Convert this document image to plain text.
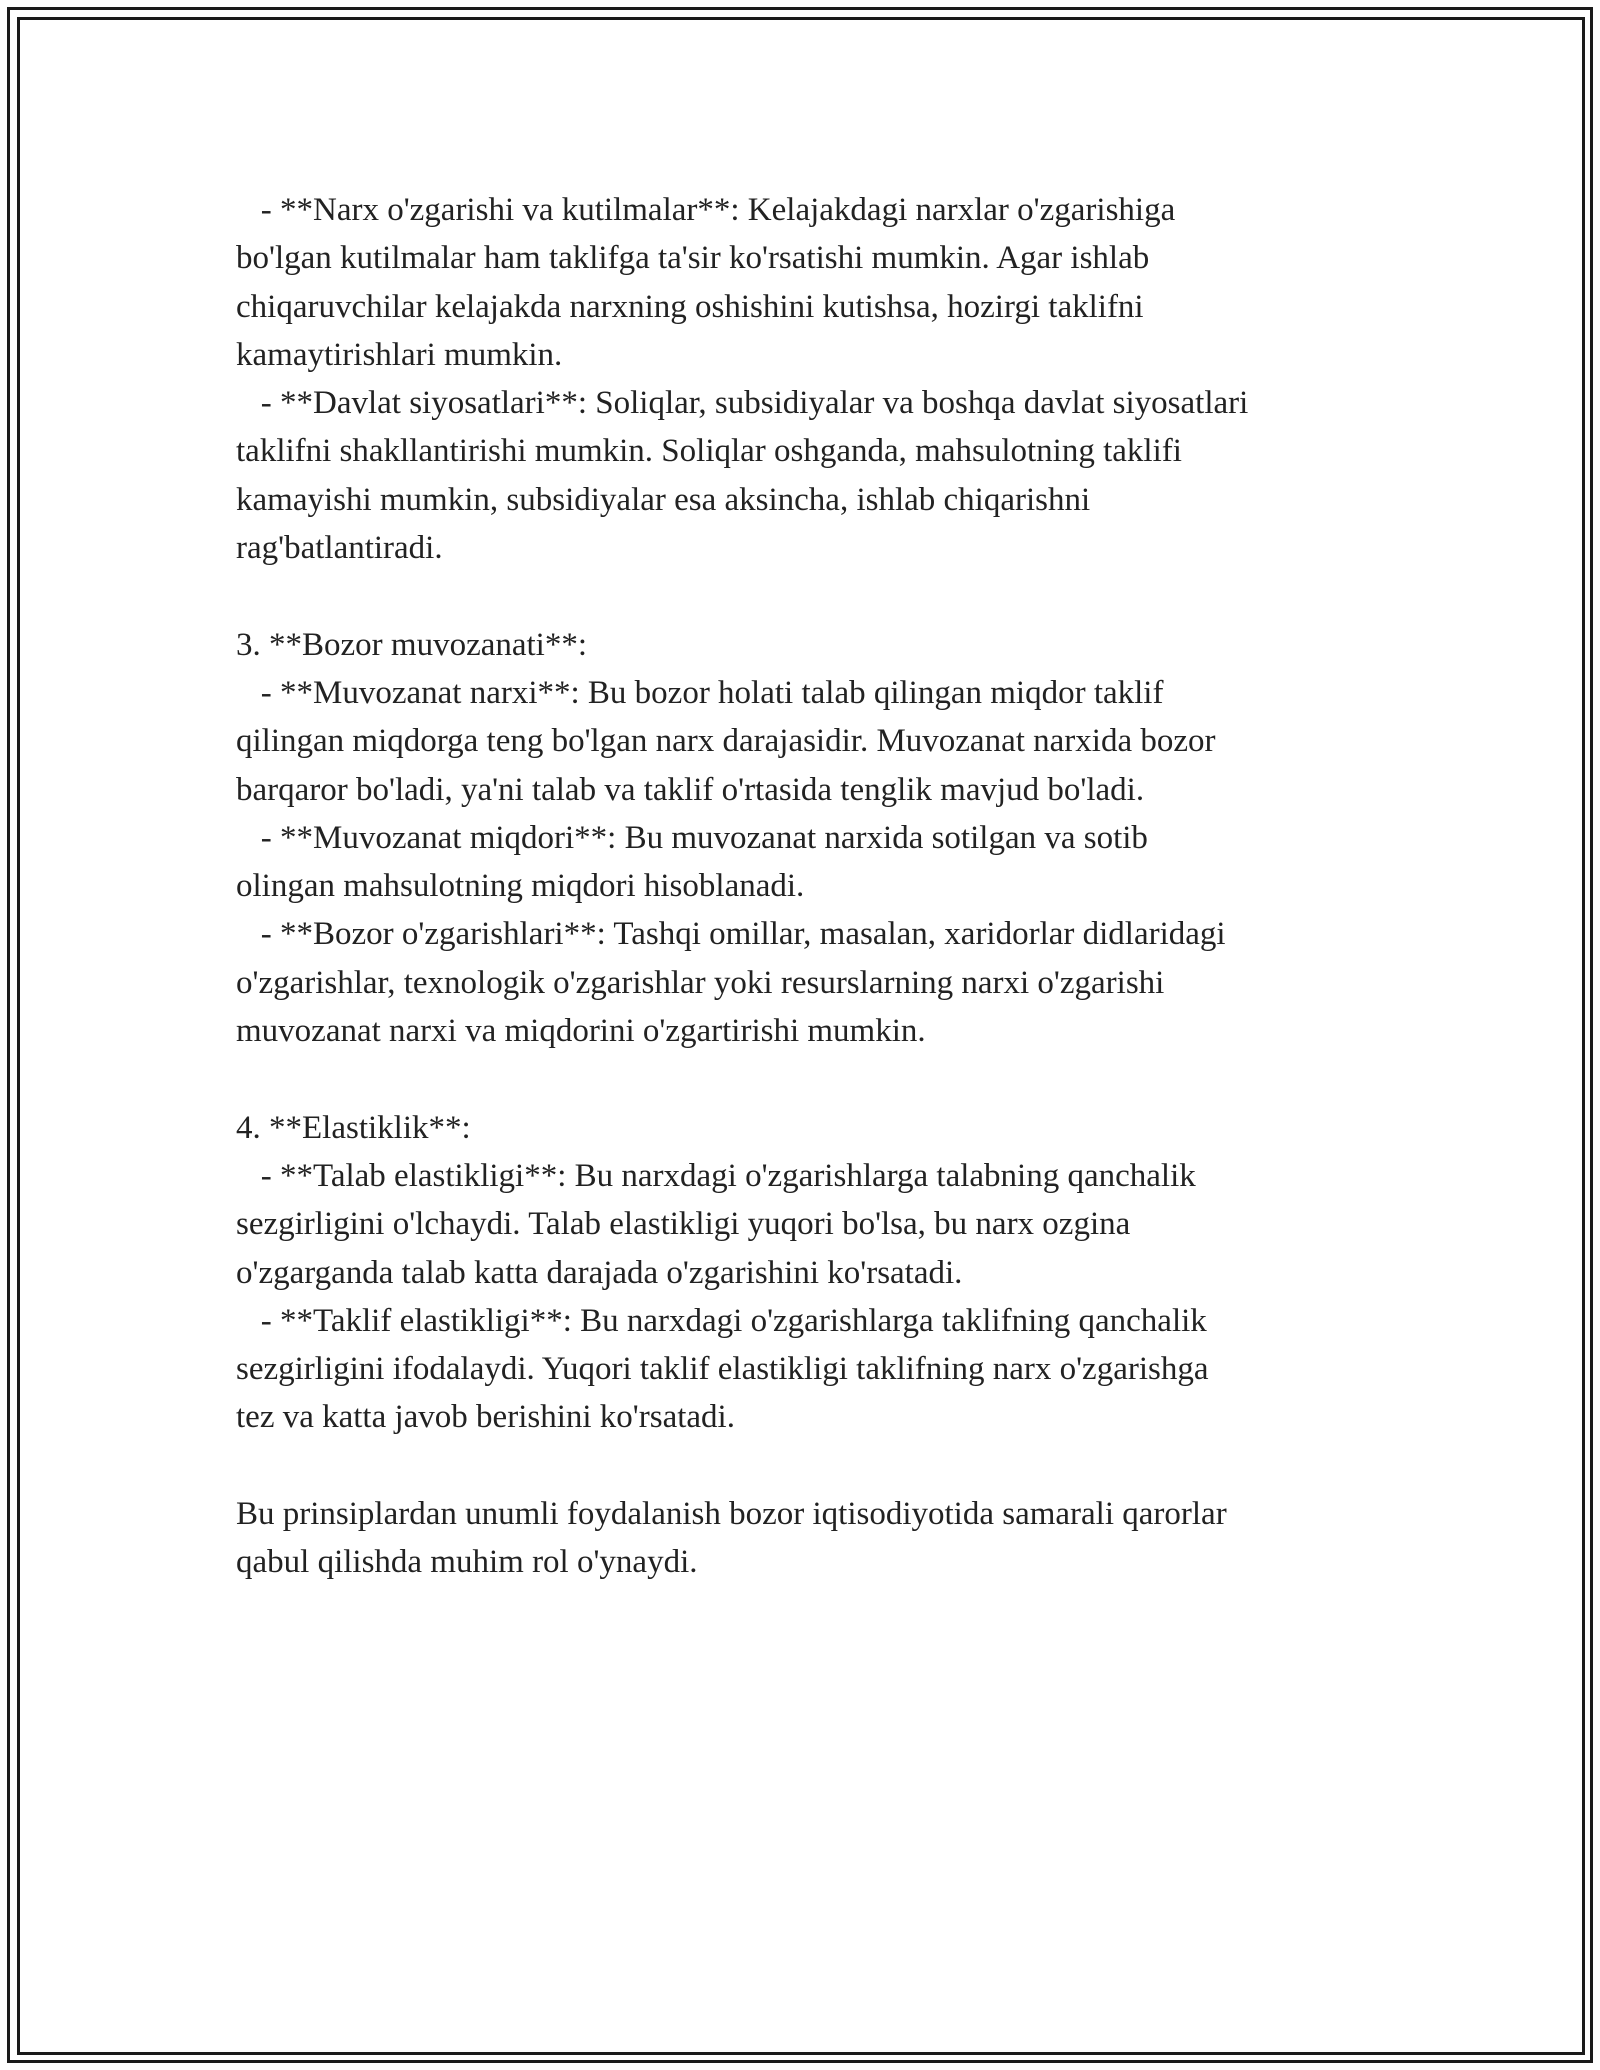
- **Narx o'zgarishi va kutilmalar**: Kelajakdagi narxlar o'zgarishiga
bo'lgan kutilmalar ham taklifga ta'sir ko'rsatishi mumkin. Agar ishlab
chiqaruvchilar kelajakda narxning oshishini kutishsa, hozirgi taklifni
kamaytirishlari mumkin.
- **Davlat siyosatlari**: Soliqlar, subsidiyalar va boshqa davlat siyosatlari
taklifni shakllantirishi mumkin. Soliqlar oshganda, mahsulotning taklifi
kamayishi mumkin, subsidiyalar esa aksincha, ishlab chiqarishni
rag'batlantiradi.
3. **Bozor muvozanati**:
- **Muvozanat narxi**: Bu bozor holati talab qilingan miqdor taklif
qilingan miqdorga teng bo'lgan narx darajasidir. Muvozanat narxida bozor
barqaror bo'ladi, ya'ni talab va taklif o'rtasida tenglik mavjud bo'ladi.
- **Muvozanat miqdori**: Bu muvozanat narxida sotilgan va sotib
olingan mahsulotning miqdori hisoblanadi.
- **Bozor o'zgarishlari**: Tashqi omillar, masalan, xaridorlar didlaridagi
o'zgarishlar, texnologik o'zgarishlar yoki resurslarning narxi o'zgarishi
muvozanat narxi va miqdorini o'zgartirishi mumkin.
4. **Elastiklik**:
- **Talab elastikligi**: Bu narxdagi o'zgarishlarga talabning qanchalik
sezgirligini o'lchaydi. Talab elastikligi yuqori bo'lsa, bu narx ozgina
o'zgarganda talab katta darajada o'zgarishini ko'rsatadi.
- **Taklif elastikligi**: Bu narxdagi o'zgarishlarga taklifning qanchalik
sezgirligini ifodalaydi. Yuqori taklif elastikligi taklifning narx o'zgarishga
tez va katta javob berishini ko'rsatadi.
Bu prinsiplardan unumli foydalanish bozor iqtisodiyotida samarali qarorlar
qabul qilishda muhim rol o'ynaydi.
